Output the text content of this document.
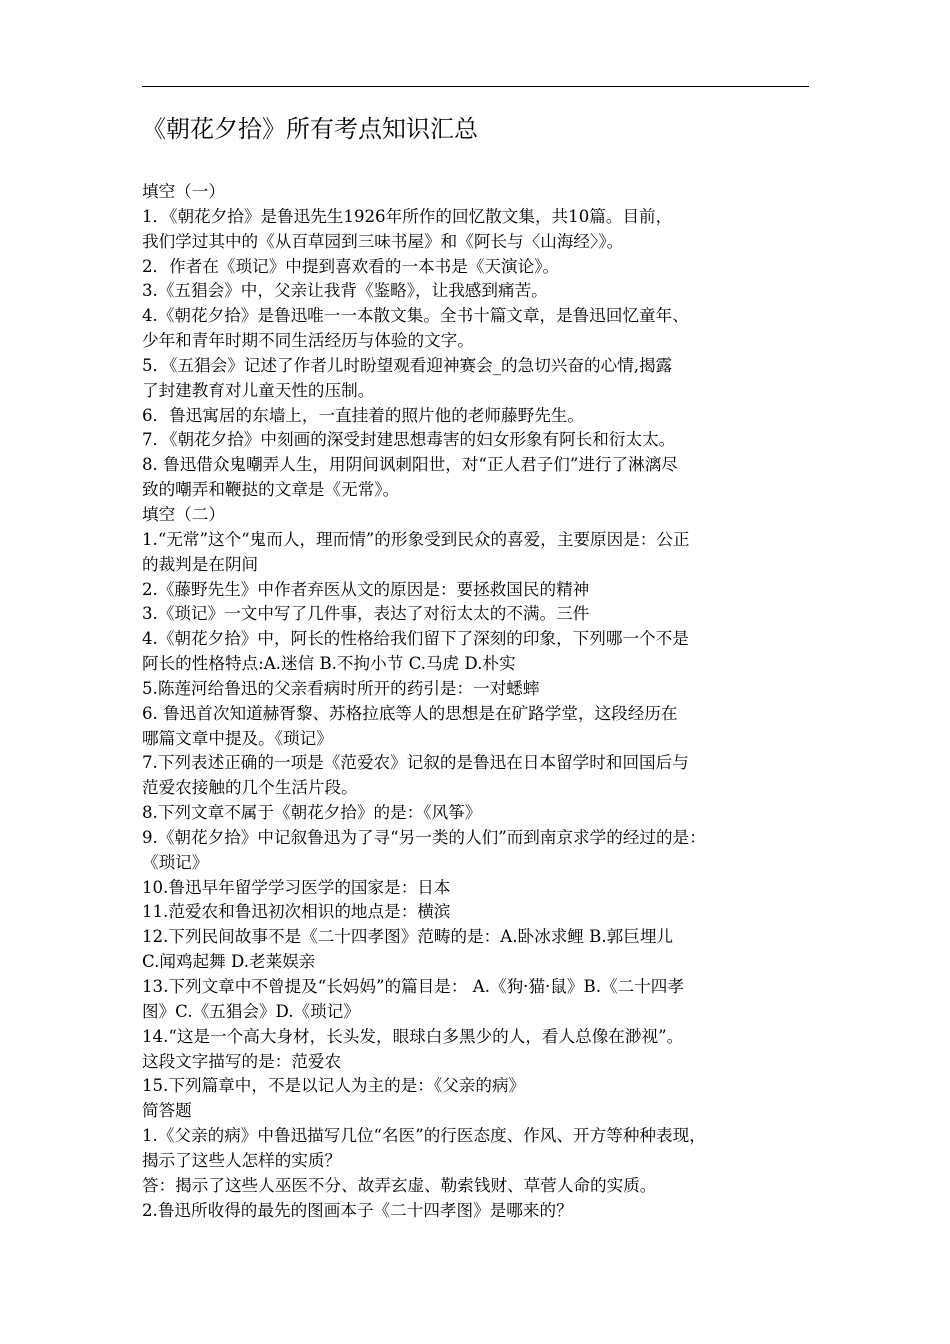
《朝花夕拾》所有考点知识汇总
填空（一）
1．《朝花夕拾》是鲁迅先生1926年所作的回忆散文集，共10篇。目前，
我们学过其中的《从百草园到三味书屋》和《阿长与〈山海经〉》。
2．作者在《琐记》中提到喜欢看的一本书是《天演论》。
3.《五猖会》中，父亲让我背《鉴略》，让我感到痛苦。
4.《朝花夕拾》是鲁迅唯一一本散文集。全书十篇文章，是鲁迅回忆童年、
少年和青年时期不同生活经历与体验的文字。
5．《五猖会》记述了作者儿时盼望观看迎神赛会_的急切兴奋的心情,揭露
了封建教育对儿童天性的压制。
6．鲁迅寓居的东墙上，一直挂着的照片他的老师藤野先生。
7．《朝花夕拾》中刻画的深受封建思想毒害的妇女形象有阿长和衍太太。
8. 鲁迅借众鬼嘲弄人生，用阴间讽刺阳世，对“正人君子们”进行了淋漓尽
致的嘲弄和鞭挞的文章是《无常》。
填空（二）
1.“无常”这个“鬼而人，理而情”的形象受到民众的喜爱，主要原因是：公正
的裁判是在阴间
2.《藤野先生》中作者弃医从文的原因是：要拯救国民的精神
3.《琐记》一文中写了几件事，表达了对衍太太的不满。三件
4.《朝花夕拾》中，阿长的性格给我们留下了深刻的印象，下列哪一个不是
阿长的性格特点:A.迷信 B.不拘小节 C.马虎 D.朴实
5.陈莲河给鲁迅的父亲看病时所开的药引是：一对蟋蟀
6. 鲁迅首次知道赫胥黎、苏格拉底等人的思想是在矿路学堂，这段经历在
哪篇文章中提及。《琐记》
7.下列表述正确的一项是《范爱农》记叙的是鲁迅在日本留学时和回国后与
范爱农接触的几个生活片段。
8.下列文章不属于《朝花夕拾》的是：《风筝》
9.《朝花夕拾》中记叙鲁迅为了寻“另一类的人们”而到南京求学的经过的是：
《琐记》
10.鲁迅早年留学学习医学的国家是：日本
11.范爱农和鲁迅初次相识的地点是：横滨
12.下列民间故事不是《二十四孝图》范畴的是：A.卧冰求鲤 B.郭巨埋儿
C.闻鸡起舞 D.老莱娱亲
13.下列文章中不曾提及“长妈妈”的篇目是： A.《狗·猫·鼠》B.《二十四孝
图》C.《五猖会》D.《琐记》
14.“这是一个高大身材，长头发，眼球白多黑少的人，看人总像在渺视”。
这段文字描写的是：范爱农
15.下列篇章中，不是以记人为主的是：《父亲的病》
简答题
1.《父亲的病》中鲁迅描写几位“名医”的行医态度、作风、开方等种种表现，
揭示了这些人怎样的实质？
答：揭示了这些人巫医不分、故弄玄虚、勒索钱财、草菅人命的实质。
2.鲁迅所收得的最先的图画本子《二十四孝图》是哪来的？
